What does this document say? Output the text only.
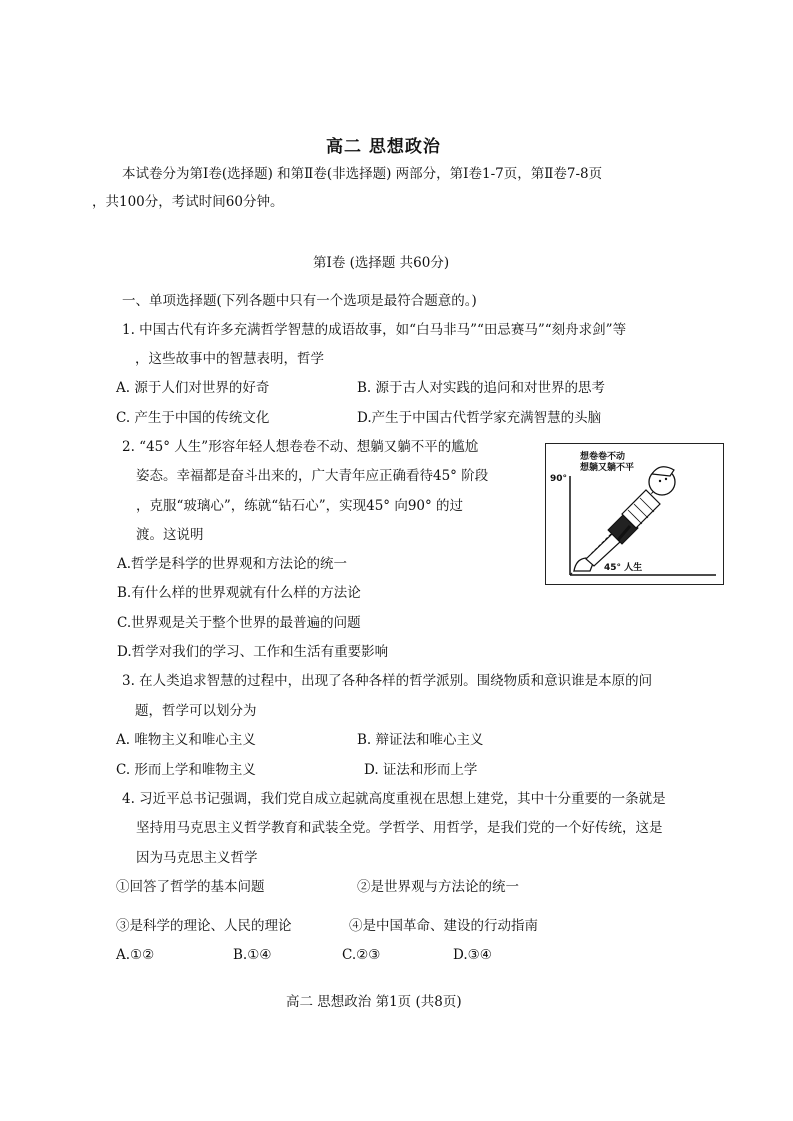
高二 思想政治
本试卷分为第Ⅰ卷(选择题) 和第Ⅱ卷(非选择题) 两部分，第Ⅰ卷1-7页，第Ⅱ卷7-8页
，共100分，考试时间60分钟。
第Ⅰ卷 (选择题 共60分)
一、单项选择题(下列各题中只有一个选项是最符合题意的。)
1. 中国古代有许多充满哲学智慧的成语故事，如“白马非马”“田忌赛马”“刻舟求剑”等
，这些故事中的智慧表明，哲学
A. 源于人们对世界的好奇	B. 源于古人对实践的追问和对世界的思考
C. 产生于中国的传统文化	D.产生于中国古代哲学家充满智慧的头脑
2. “45° 人生”形容年轻人想卷卷不动、想躺又躺不平的尴尬
姿态。幸福都是奋斗出来的，广大青年应正确看待45° 阶段
，克服“玻璃心”，练就“钻石心”，实现45° 向90° 的过
渡。这说明
A.哲学是科学的世界观和方法论的统一
B.有什么样的世界观就有什么样的方法论
C.世界观是关于整个世界的最普遍的问题
D.哲学对我们的学习、工作和生活有重要影响
想卷卷不动
想躺又躺不平
90°
45° 人生
3. 在人类追求智慧的过程中，出现了各种各样的哲学派别。围绕物质和意识谁是本原的问
题，哲学可以划分为
A. 唯物主义和唯心主义	B. 辩证法和唯心主义
C. 形而上学和唯物主义	D. 证法和形而上学
4. 习近平总书记强调，我们党自成立起就高度重视在思想上建党，其中十分重要的一条就是
坚持用马克思主义哲学教育和武装全党。学哲学、用哲学，是我们党的一个好传统，这是
因为马克思主义哲学
①回答了哲学的基本问题	②是世界观与方法论的统一
③是科学的理论、人民的理论	④是中国革命、建设的行动指南
A.①②	B.①④	C.②③	D.③④
高二 思想政治 第1页 (共8页)
